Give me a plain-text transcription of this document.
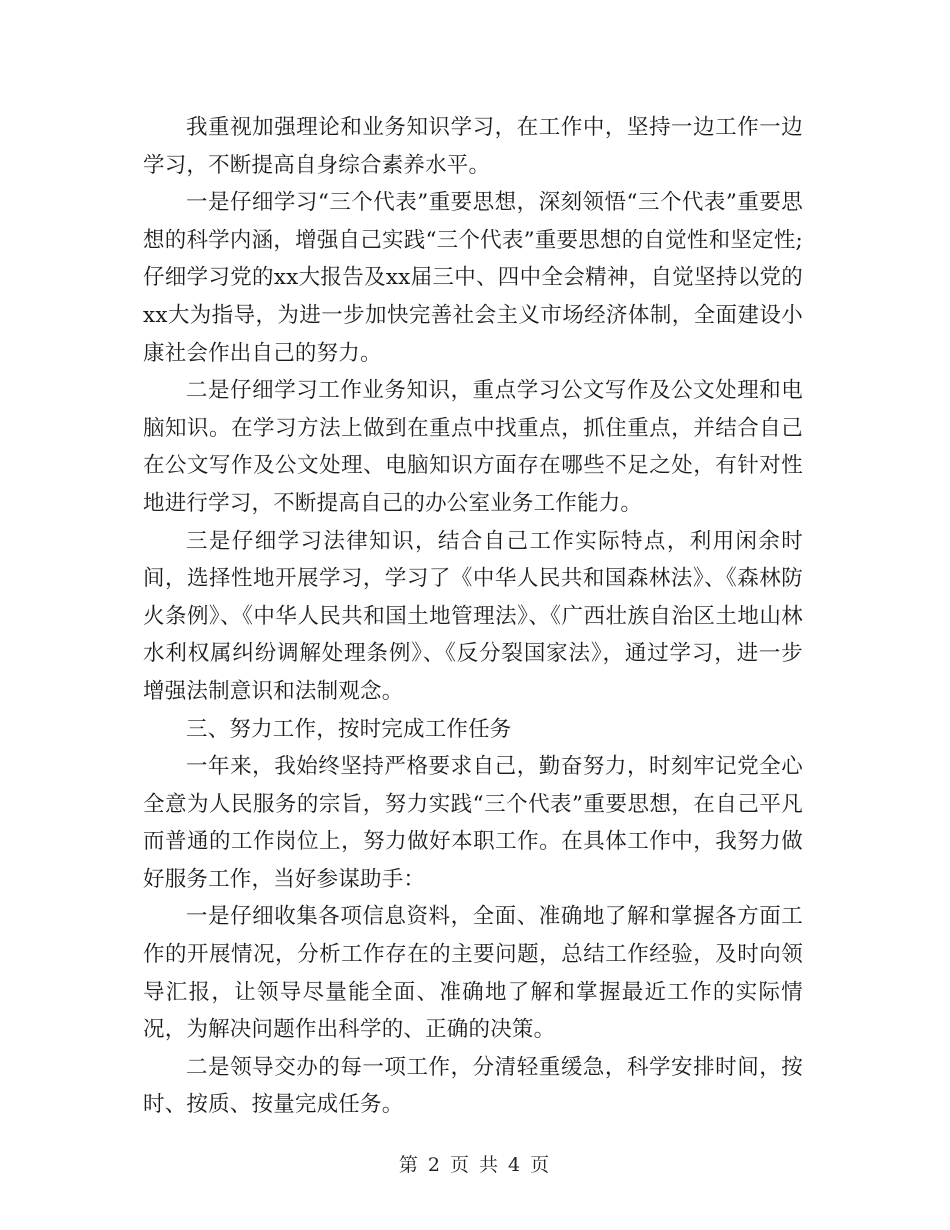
我重视加强理论和业务知识学习，在工作中，坚持一边工作一边学习，不断提高自身综合素养水平。

一是仔细学习“三个代表”重要思想，深刻领悟“三个代表”重要思想的科学内涵，增强自己实践“三个代表”重要思想的自觉性和坚定性;仔细学习党的xx大报告及xx届三中、四中全会精神，自觉坚持以党的xx大为指导，为进一步加快完善社会主义市场经济体制，全面建设小康社会作出自己的努力。

二是仔细学习工作业务知识，重点学习公文写作及公文处理和电脑知识。在学习方法上做到在重点中找重点，抓住重点，并结合自己在公文写作及公文处理、电脑知识方面存在哪些不足之处，有针对性地进行学习，不断提高自己的办公室业务工作能力。

三是仔细学习法律知识，结合自己工作实际特点，利用闲余时间，选择性地开展学习，学习了《中华人民共和国森林法》、《森林防火条例》、《中华人民共和国土地管理法》、《广西壮族自治区土地山林水利权属纠纷调解处理条例》、《反分裂国家法》，通过学习，进一步增强法制意识和法制观念。

三、努力工作，按时完成工作任务

一年来，我始终坚持严格要求自己，勤奋努力，时刻牢记党全心全意为人民服务的宗旨，努力实践“三个代表”重要思想，在自己平凡而普通的工作岗位上，努力做好本职工作。在具体工作中，我努力做好服务工作，当好参谋助手：

一是仔细收集各项信息资料，全面、准确地了解和掌握各方面工作的开展情况，分析工作存在的主要问题，总结工作经验，及时向领导汇报，让领导尽量能全面、准确地了解和掌握最近工作的实际情况，为解决问题作出科学的、正确的决策。

二是领导交办的每一项工作，分清轻重缓急，科学安排时间，按时、按质、按量完成任务。

第 2 页 共 4 页
